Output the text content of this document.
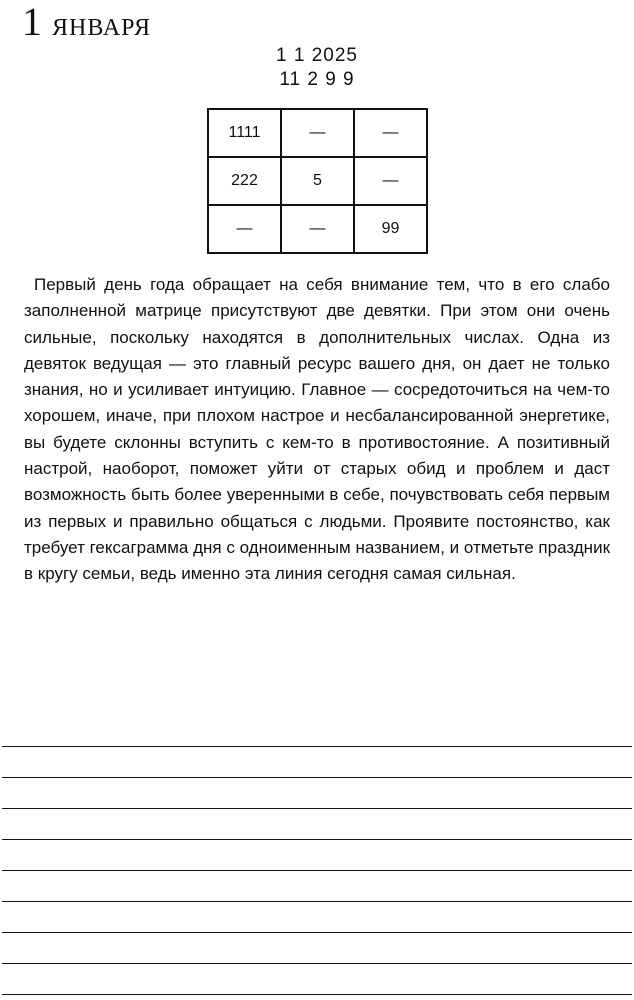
1 ЯНВАРЯ
1 1 2025
11 2 9 9
1111	—	—
222	5	—
—	—	99

Первый день года обращает на себя внимание тем, что в его слабо заполненной матрице присутствуют две девятки. При этом они очень сильные, поскольку находятся в дополнительных числах. Одна из девяток ведущая — это главный ресурс вашего дня, он дает не только знания, но и усиливает интуицию. Главное — сосредоточиться на чем-то хорошем, иначе, при плохом настрое и несбалансированной энергетике, вы будете склонны вступить с кем-то в противостояние. А позитивный настрой, наоборот, поможет уйти от старых обид и проблем и даст возможность быть более уверенными в себе, почувствовать себя первым из первых и правильно общаться с людьми. Проявите постоянство, как требует гексаграмма дня с одноименным названием, и отметьте праздник в кругу семьи, ведь именно эта линия сегодня самая сильная.
